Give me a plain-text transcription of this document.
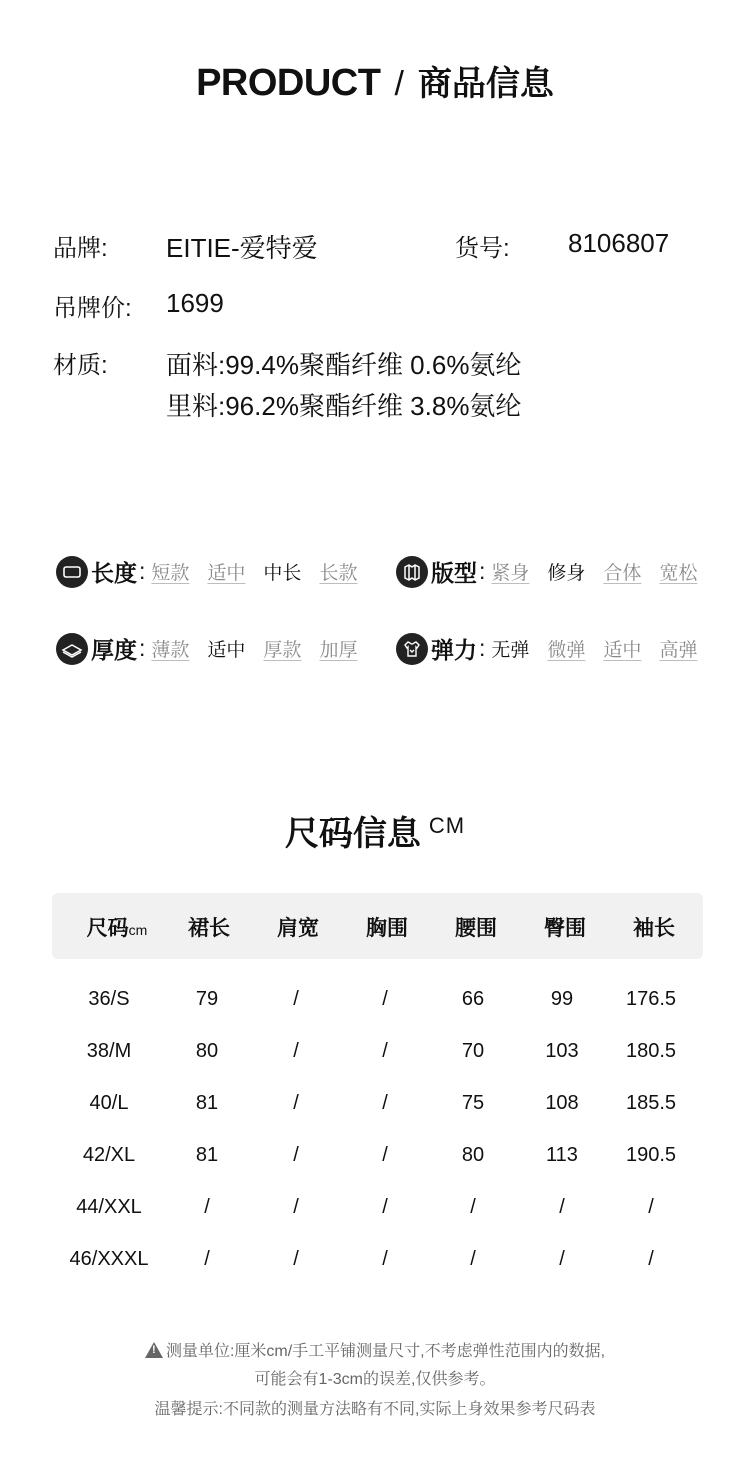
PRODUCT / 商品信息
品牌: EITIE-爱特爱	货号: 8106807
吊牌价: 1699
材质: 面料:99.4%聚酯纤维 0.6%氨纶
里料:96.2%聚酯纤维 3.8%氨纶
长度 : 短款 适中 中长 长款	版型 : 紧身 修身 合体 宽松
厚度 : 薄款 适中 厚款 加厚	弹力 : 无弹 微弹 适中 高弹
尺码信息 CM
尺码cm	裙长	肩宽	胸围	腰围	臀围	袖长
36/S	79	/	/	66	99	176.5
38/M	80	/	/	70	103	180.5
40/L	81	/	/	75	108	185.5
42/XL	81	/	/	80	113	190.5
44/XXL	/	/	/	/	/	/
46/XXXL	/	/	/	/	/	/
!测量单位:厘米cm/手工平铺测量尺寸,不考虑弹性范围内的数据,
可能会有1-3cm的误差,仅供参考。
温馨提示:不同款的测量方法略有不同,实际上身效果参考尺码表
